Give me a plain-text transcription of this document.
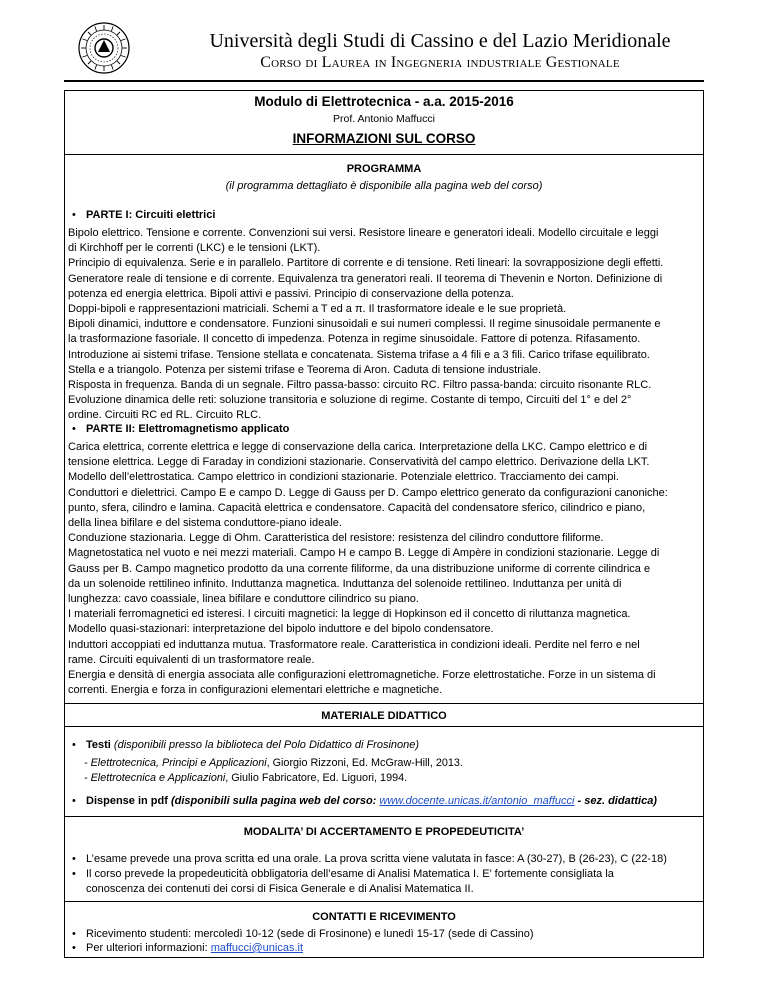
Università degli Studi di Cassino e del Lazio Meridionale
Corso di Laurea in Ingegneria industriale Gestionale
Modulo di Elettrotecnica - a.a. 2015-2016
Prof. Antonio Maffucci
INFORMAZIONI SUL CORSO
PROGRAMMA
(il programma dettagliato è disponibile alla pagina web del corso)
• PARTE I: Circuiti elettrici

Bipolo elettrico. Tensione e corrente. Convenzioni sui versi. Resistore lineare e generatori ideali. Modello circuitale e leggi

di Kirchhoff per le correnti (LKC) e le tensioni (LKT).

Principio di equivalenza. Serie e in parallelo. Partitore di corrente e di tensione. Reti lineari: la sovrapposizione degli effetti.

Generatore reale di tensione e di corrente. Equivalenza tra generatori reali. Il teorema di Thevenin e Norton. Definizione di

potenza ed energia elettrica. Bipoli attivi e passivi. Principio di conservazione della potenza.

Doppi-bipoli e rappresentazioni matriciali. Schemi a T ed a π. Il trasformatore ideale e le sue proprietà.

Bipoli dinamici, induttore e condensatore. Funzioni sinusoidali e sui numeri complessi. Il regime sinusoidale permanente e

la trasformazione fasoriale. Il concetto di impedenza. Potenza in regime sinusoidale. Fattore di potenza. Rifasamento.

Introduzione ai sistemi trifase. Tensione stellata e concatenata. Sistema trifase a 4 fili e a 3 fili. Carico trifase equilibrato.

Stella e a triangolo. Potenza per sistemi trifase e Teorema di Aron. Caduta di tensione industriale.

Risposta in frequenza. Banda di un segnale. Filtro passa-basso: circuito RC. Filtro passa-banda: circuito risonante RLC.

Evoluzione dinamica delle reti: soluzione transitoria e soluzione di regime. Costante di tempo, Circuiti del 1° e del 2°

ordine. Circuiti RC ed RL. Circuito RLC.

• PARTE II: Elettromagnetismo applicato

Carica elettrica, corrente elettrica e legge di conservazione della carica. Interpretazione della LKC. Campo elettrico e di

tensione elettrica. Legge di Faraday in condizioni stazionarie. Conservatività del campo elettrico. Derivazione della LKT.

Modello dell’elettrostatica. Campo elettrico in condizioni stazionarie. Potenziale elettrico. Tracciamento dei campi.

Conduttori e dielettrici. Campo E e campo D. Legge di Gauss per D. Campo elettrico generato da configurazioni canoniche:

punto, sfera, cilindro e lamina. Capacità elettrica e condensatore. Capacità del condensatore sferico, cilindrico e piano,

della linea bifilare e del sistema conduttore-piano ideale.

Conduzione stazionaria. Legge di Ohm. Caratteristica del resistore: resistenza del cilindro conduttore filiforme.

Magnetostatica nel vuoto e nei mezzi materiali. Campo H e campo B. Legge di Ampère in condizioni stazionarie. Legge di

Gauss per B. Campo magnetico prodotto da una corrente filiforme, da una distribuzione uniforme di corrente cilindrica e

da un solenoide rettilineo infinito. Induttanza magnetica. Induttanza del solenoide rettilineo. Induttanza per unità di

lunghezza: cavo coassiale, linea bifilare e conduttore cilindrico su piano.

I materiali ferromagnetici ed isteresi. I circuiti magnetici: la legge di Hopkinson ed il concetto di riluttanza magnetica.

Modello quasi-stazionari: interpretazione del bipolo induttore e del bipolo condensatore.

Induttori accoppiati ed induttanza mutua. Trasformatore reale. Caratteristica in condizioni ideali. Perdite nel ferro e nel

rame. Circuiti equivalenti di un trasformatore reale.

Energia e densità di energia associata alle configurazioni elettromagnetiche. Forze elettrostatiche. Forze in un sistema di

correnti. Energia e forza in configurazioni elementari elettriche e magnetiche.

MATERIALE DIDATTICO
• Testi (disponibili presso la biblioteca del Polo Didattico di Frosinone)

- Elettrotecnica, Principi e Applicazioni, Giorgio Rizzoni, Ed. McGraw-Hill, 2013.

- Elettrotecnica e Applicazioni, Giulio Fabricatore, Ed. Liguori, 1994.

• Dispense in pdf (disponibili sulla pagina web del corso: www.docente.unicas.it/antonio_maffucci - sez. didattica)
MODALITA’ DI ACCERTAMENTO E PROPEDEUTICITA’
• L’esame prevede una prova scritta ed una orale. La prova scritta viene valutata in fasce: A (30-27), B (26-23), C (22-18)
• Il corso prevede la propedeuticità obbligatoria dell’esame di Analisi Matematica I. E’ fortemente consigliata la
conoscenza dei contenuti dei corsi di Fisica Generale e di Analisi Matematica II.
CONTATTI E RICEVIMENTO
• Ricevimento studenti: mercoledì 10-12 (sede di Frosinone) e lunedì 15-17 (sede di Cassino)
• Per ulteriori informazioni: maffucci@unicas.it
